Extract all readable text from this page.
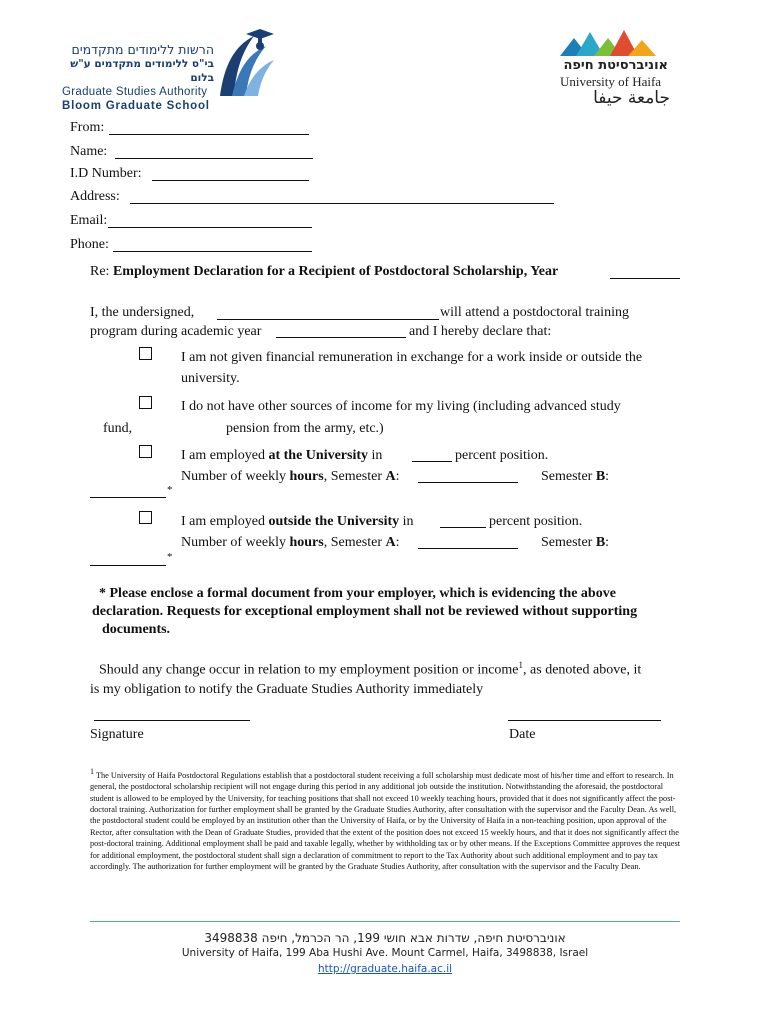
הרשות ללימודים מתקדמים
בי"ס ללימודים מתקדמים ע"ש בלום
Graduate Studies Authority
Bloom Graduate School
אוניברסיטת חיפה
University of Haifa
جامعة حيفا
From:
Name:
I.D Number:
Address:
Email:
Phone:
Re: Employment Declaration for a Recipient of Postdoctoral Scholarship, Year
I, the undersigned,	will attend a postdoctoral training
program during academic year	and I hereby declare that:
I am not given financial remuneration in exchange for a work inside or outside the
university.
I do not have other sources of income for my living (including advanced study
fund,	pension from the army, etc.)
I am employed at the University in	percent position.
Number of weekly hours, Semester A:	Semester B:
*
I am employed outside the University in	percent position.
Number of weekly hours, Semester A:	Semester B:
*
* Please enclose a formal document from your employer, which is evidencing the above
declaration. Requests for exceptional employment shall not be reviewed without supporting
documents.
Should any change occur in relation to my employment position or income$^1$, as denoted above, it
is my obligation to notify the Graduate Studies Authority immediately
Signature	Date
$^1$ The University of Haifa Postdoctoral Regulations establish that a postdoctoral student receiving a full scholarship must dedicate most of his/her time and effort to research. In general, the postdoctoral scholarship recipient will not engage during this period in any additional job outside the institution. Notwithstanding the aforesaid, the postdoctoral student is allowed to be employed by the University, for teaching positions that shall not exceed 10 weekly teaching hours, provided that it does not significantly affect the post-doctoral training. Authorization for further employment shall be granted by the Graduate Studies Authority, after consultation with the supervisor and the Faculty Dean. As well, the postdoctoral student could be employed by an institution other than the University of Haifa, or by the University of Haifa in a non-teaching position, upon approval of the Rector, after consultation with the Dean of Graduate Studies, provided that the extent of the position does not exceed 15 weekly hours, and that it does not significantly affect the post-doctoral training. Additional employment shall be paid and taxable legally, whether by withholding tax or by other means. If the Exceptions Committee approves the request for additional employment, the postdoctoral student shall sign a declaration of commitment to report to the Tax Authority about such additional employment and to pay tax accordingly. The authorization for further employment will be granted by the Graduate Studies Authority, after consultation with the supervisor and the Faculty Dean.
אוניברסיטת חיפה, שדרות אבא חושי 199, הר הכרמל, חיפה 3498838
University of Haifa, 199 Aba Hushi Ave. Mount Carmel, Haifa, 3498838, Israel
http://graduate.haifa.ac.il
